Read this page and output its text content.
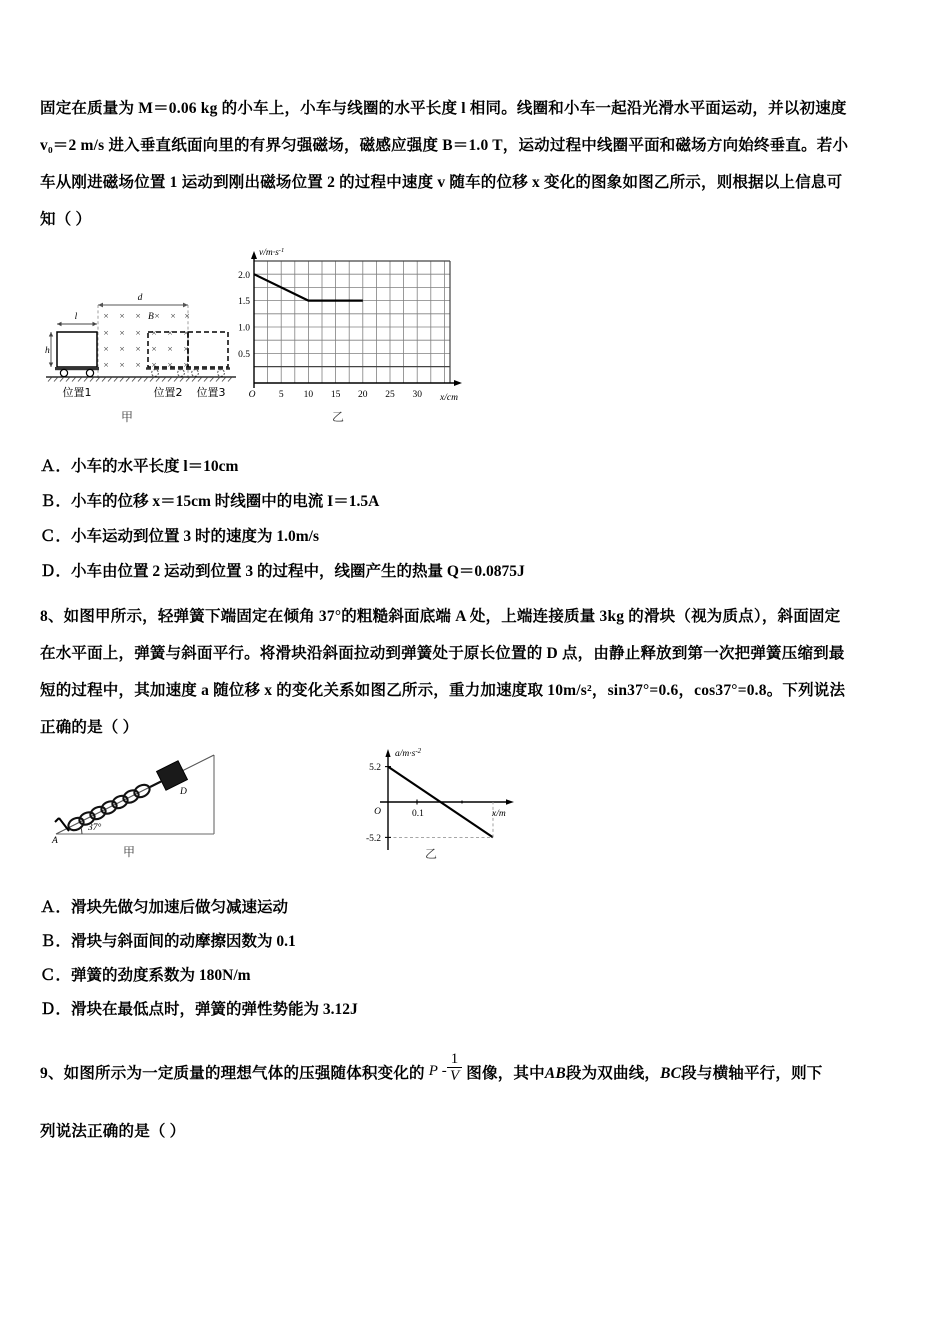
固定在质量为 M＝0.06 kg 的小车上，小车与线圈的水平长度 l 相同。线圈和小车一起沿光滑水平面运动，并以初速度
v₀＝2 m/s 进入垂直纸面向里的有界匀强磁场，磁感应强度 B＝1.0 T，运动过程中线圈平面和磁场方向始终垂直。若小
车从刚进磁场位置 1 运动到刚出磁场位置 2 的过程中速度 v 随车的位移 x 变化的图象如图乙所示，则根据以上信息可
知（ ）
d
× × × × × ×
× × × × × ×
× × × × × ×
× × × × × ×
B
l
h
位置1	位置2 位置3
甲
2.0
1.5
1.0
0.5
O 5 10 15 20 25 30
$v/m\cdot s^{-1}$
x/cm
乙
Ａ．小车的水平长度 l＝10cm
Ｂ．小车的位移 x＝15cm 时线圈中的电流 I＝1.5A
Ｃ．小车运动到位置 3 时的速度为 1.0m/s
Ｄ．小车由位置 2 运动到位置 3 的过程中，线圈产生的热量 Q＝0.0875J
8、如图甲所示，轻弹簧下端固定在倾角 37°的粗糙斜面底端 A 处，上端连接质量 3kg 的滑块（视为质点），斜面固定
在水平面上，弹簧与斜面平行。将滑块沿斜面拉动到弹簧处于原长位置的 D 点，由静止释放到第一次把弹簧压缩到最
短的过程中，其加速度 a 随位移 x 的变化关系如图乙所示，重力加速度取 10m/s²，sin37°=0.6，cos37°=0.8。下列说法
正确的是（ ）
37°
A
D
甲
5.2
-5.2
O	0.1
$a/m\cdot s^{-2}$
x/m
乙
Ａ．滑块先做匀加速后做匀减速运动
Ｂ．滑块与斜面间的动摩擦因数为 0.1
Ｃ．弹簧的劲度系数为 180N/m
Ｄ．滑块在最低点时，弹簧的弹性势能为 3.12J
9、如图所示为一定质量的理想气体的压强随体积变化的 P - $\frac{1}{V}$ 图像，其中AB段为双曲线，BC段与横轴平行，则下
列说法正确的是（ ）
